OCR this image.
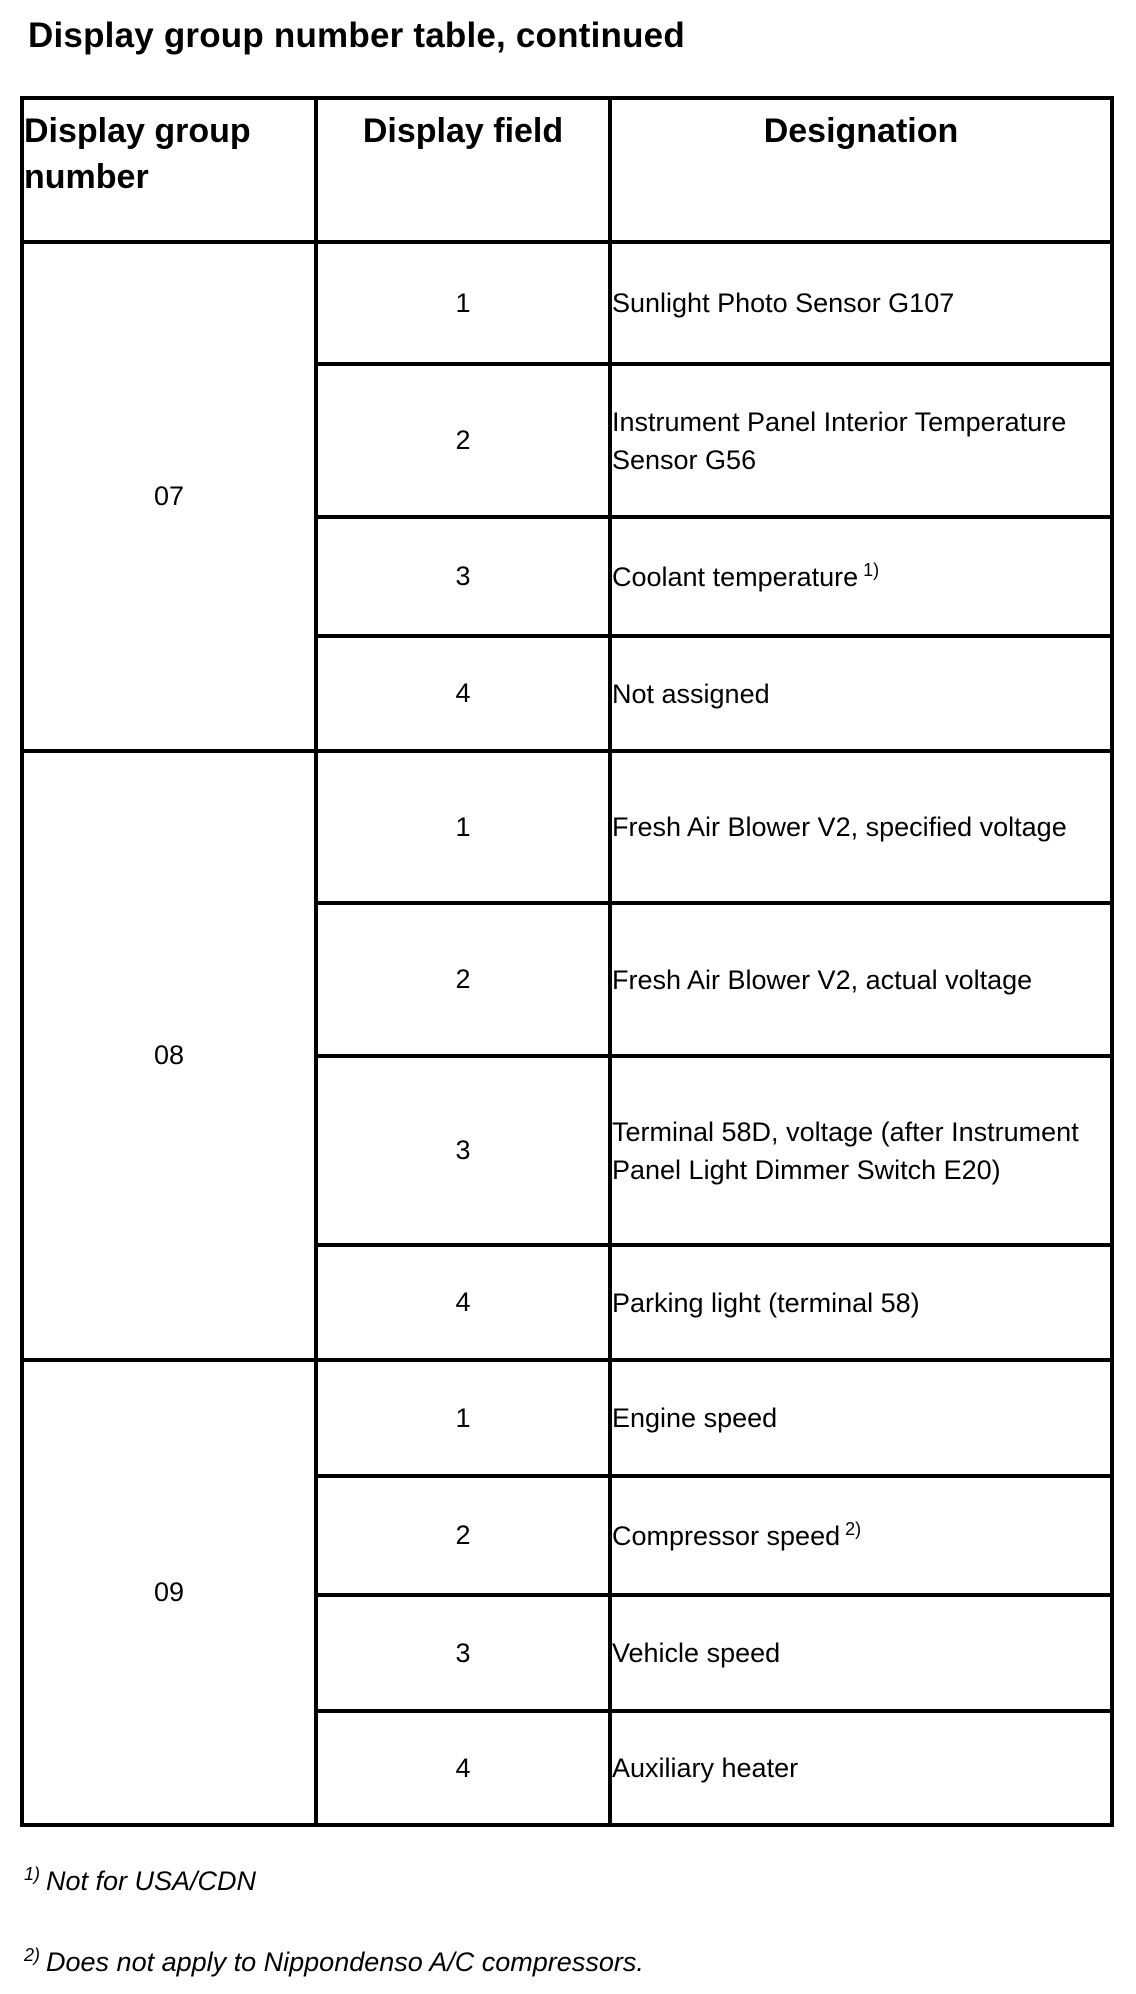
Display group number table, continued
Display group number	Display field	Designation
07	1	Sunlight Photo Sensor G107
	2	Instrument Panel Interior Temperature Sensor G56
	3	Coolant temperature $^{1)}$
	4	Not assigned
08	1	Fresh Air Blower V2, specified voltage
	2	Fresh Air Blower V2, actual voltage
	3	Terminal 58D, voltage (after Instrument Panel Light Dimmer Switch E20)
	4	Parking light (terminal 58)
09	1	Engine speed
	2	Compressor speed $^{2)}$
	3	Vehicle speed
	4	Auxiliary heater
$^{1)}$ Not for USA/CDN
$^{2)}$ Does not apply to Nippondenso A/C compressors.
